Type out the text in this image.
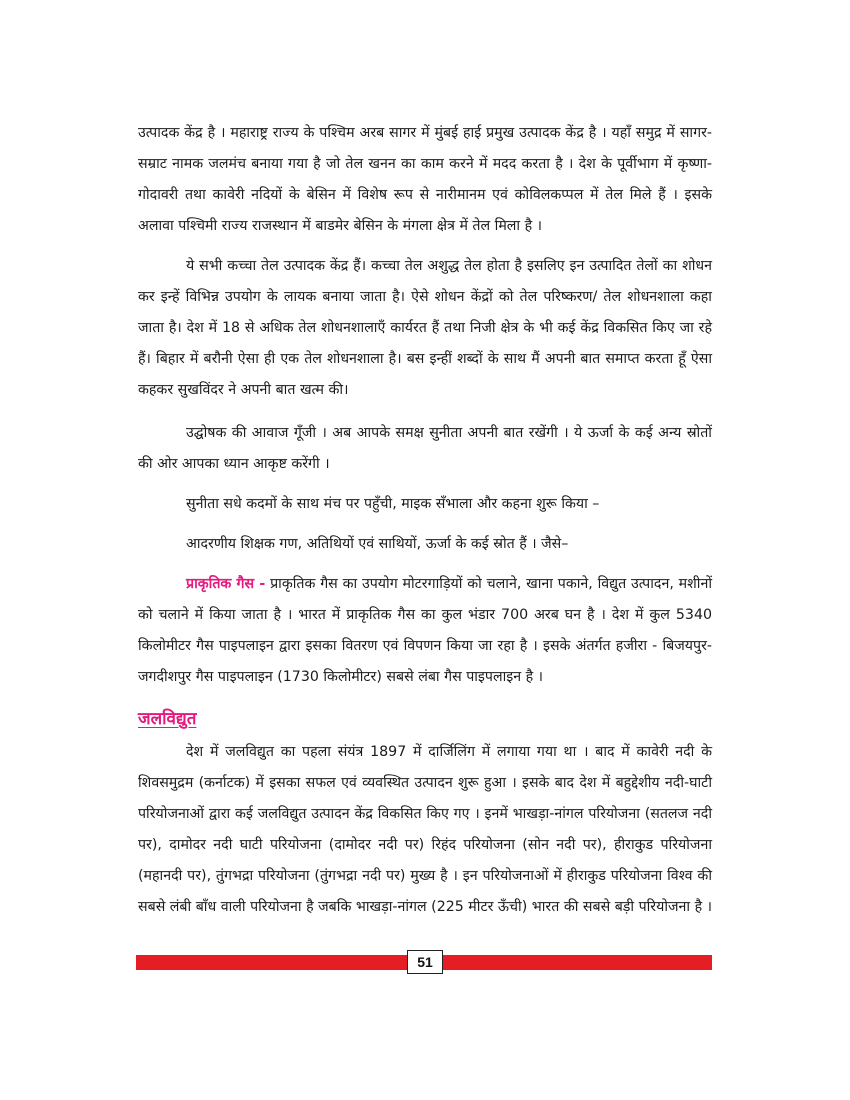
उत्पादक केंद्र है । महाराष्ट्र राज्य के पश्चिम अरब सागर में मुंबई हाई प्रमुख उत्पादक केंद्र है । यहाँ समुद्र में सागर-सम्राट नामक जलमंच बनाया गया है जो तेल खनन का काम करने में मदद करता है । देश के पूर्वीभाग में कृष्णा-गोदावरी तथा कावेरी नदियों के बेसिन में विशेष रूप से नारीमानम एवं कोविलकप्पल में तेल मिले हैं । इसके अलावा पश्चिमी राज्य राजस्थान में बाडमेर बेसिन के मंगला क्षेत्र में तेल मिला है ।

ये सभी कच्चा तेल उत्पादक केंद्र हैं। कच्चा तेल अशुद्ध तेल होता है इसलिए इन उत्पादित तेलों का शोधन कर इन्हें विभिन्न उपयोग के लायक बनाया जाता है। ऐसे शोधन केंद्रों को तेल परिष्करण/ तेल शोधनशाला कहा जाता है। देश में 18 से अधिक तेल शोधनशालाएँ कार्यरत हैं तथा निजी क्षेत्र के भी कई केंद्र विकसित किए जा रहे हैं। बिहार में बरौनी ऐसा ही एक तेल शोधनशाला है। बस इन्हीं शब्दों के साथ मैं अपनी बात समाप्त करता हूँ ऐसा कहकर सुखविंदर ने अपनी बात खत्म की।

उद्घोषक की आवाज गूँजी । अब आपके समक्ष सुनीता अपनी बात रखेंगी । ये ऊर्जा के कई अन्य स्रोतों की ओर आपका ध्यान आकृष्ट करेंगी ।

सुनीता सधे कदमों के साथ मंच पर पहुँची, माइक सँभाला और कहना शुरू किया –

आदरणीय शिक्षक गण, अतिथियों एवं साथियों, ऊर्जा के कई स्रोत हैं । जैसे–

प्राकृतिक गैस - प्राकृतिक गैस का उपयोग मोटरगाड़ियों को चलाने, खाना पकाने, विद्युत उत्पादन, मशीनों को चलाने में किया जाता है । भारत में प्राकृतिक गैस का कुल भंडार 700 अरब घन है । देश में कुल 5340 किलोमीटर गैस पाइपलाइन द्वारा इसका वितरण एवं विपणन किया जा रहा है । इसके अंतर्गत हजीरा - बिजयपुर-जगदीशपुर गैस पाइपलाइन (1730 किलोमीटर) सबसे लंबा गैस पाइपलाइन है ।

जलविद्युत

देश में जलविद्युत का पहला संयंत्र 1897 में दार्जिलिंग में लगाया गया था । बाद में कावेरी नदी के शिवसमुद्रम (कर्नाटक) में इसका सफल एवं व्यवस्थित उत्पादन शुरू हुआ । इसके बाद देश में बहुद्देशीय नदी-घाटी परियोजनाओं द्वारा कई जलविद्युत उत्पादन केंद्र विकसित किए गए । इनमें भाखड़ा-नांगल परियोजना (सतलज नदी पर), दामोदर नदी घाटी परियोजना (दामोदर नदी पर) रिहंद परियोजना (सोन नदी पर), हीराकुड परियोजना (महानदी पर), तुंगभद्रा परियोजना (तुंगभद्रा नदी पर) मुख्य है । इन परियोजनाओं में हीराकुड परियोजना विश्व की सबसे लंबी बाँध वाली परियोजना है जबकि भाखड़ा-नांगल (225 मीटर ऊँची) भारत की सबसे बड़ी परियोजना है ।

51
